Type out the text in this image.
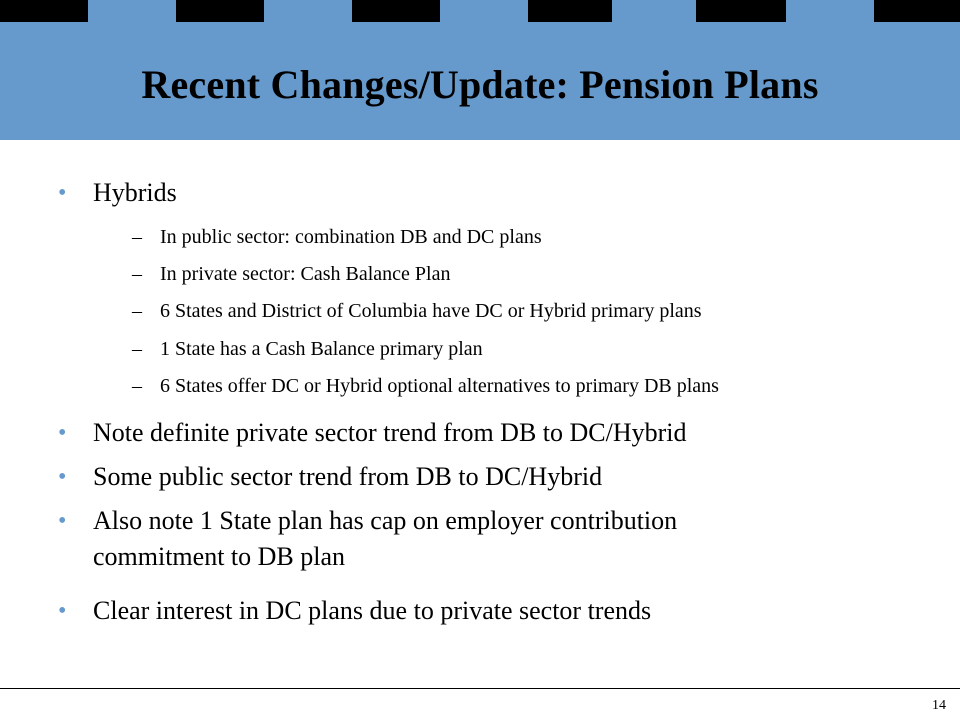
Recent Changes/Update: Pension Plans
• Hybrids
– In public sector: combination DB and DC plans
– In private sector: Cash Balance Plan
– 6 States and District of Columbia have DC or Hybrid primary plans
– 1 State has a Cash Balance primary plan
– 6 States offer DC or Hybrid optional alternatives to primary DB plans
• Note definite private sector trend from DB to DC/Hybrid
• Some public sector trend from DB to DC/Hybrid
• Also note 1 State plan has cap on employer contribution
commitment to DB plan
• Clear interest in DC plans due to private sector trends
14
